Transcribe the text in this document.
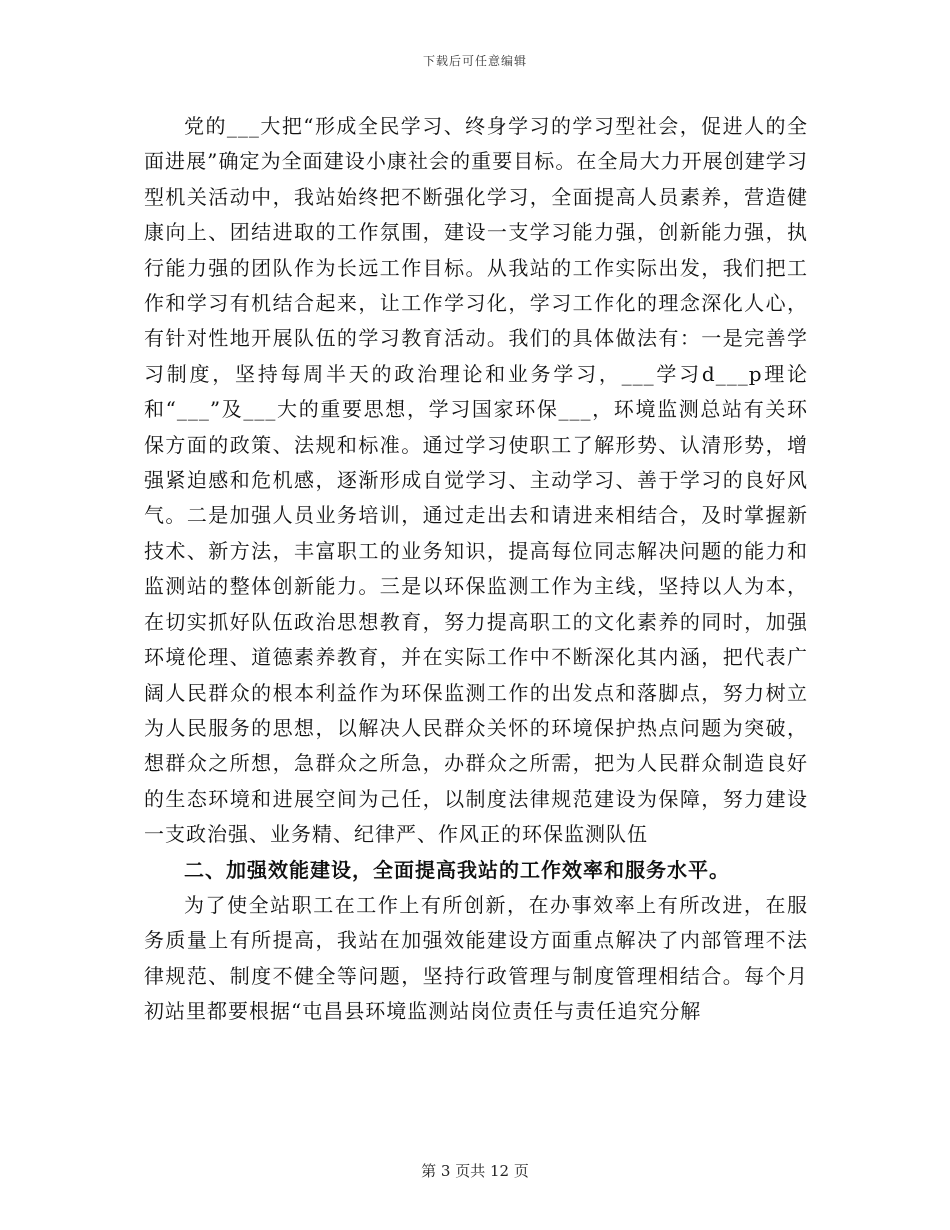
下载后可任意编辑

党的___大把“形成全民学习、终身学习的学习型社会，促进人的全面进展”确定为全面建设小康社会的重要目标。在全局大力开展创建学习型机关活动中，我站始终把不断强化学习，全面提高人员素养，营造健康向上、团结进取的工作氛围，建设一支学习能力强，创新能力强，执行能力强的团队作为长远工作目标。从我站的工作实际出发，我们把工作和学习有机结合起来，让工作学习化，学习工作化的理念深化人心，有针对性地开展队伍的学习教育活动。我们的具体做法有：一是完善学习制度，坚持每周半天的政治理论和业务学习，___学习d___p理论和“___”及___大的重要思想，学习国家环保___，环境监测总站有关环保方面的政策、法规和标准。通过学习使职工了解形势、认清形势，增强紧迫感和危机感，逐渐形成自觉学习、主动学习、善于学习的良好风气。二是加强人员业务培训，通过走出去和请进来相结合，及时掌握新技术、新方法，丰富职工的业务知识，提高每位同志解决问题的能力和监测站的整体创新能力。三是以环保监测工作为主线，坚持以人为本，在切实抓好队伍政治思想教育，努力提高职工的文化素养的同时，加强环境伦理、道德素养教育，并在实际工作中不断深化其内涵，把代表广阔人民群众的根本利益作为环保监测工作的出发点和落脚点，努力树立为人民服务的思想，以解决人民群众关怀的环境保护热点问题为突破，想群众之所想，急群众之所急，办群众之所需，把为人民群众制造良好的生态环境和进展空间为己任，以制度法律规范建设为保障，努力建设一支政治强、业务精、纪律严、作风正的环保监测队伍

二、加强效能建设，全面提高我站的工作效率和服务水平。

为了使全站职工在工作上有所创新，在办事效率上有所改进，在服务质量上有所提高，我站在加强效能建设方面重点解决了内部管理不法律规范、制度不健全等问题，坚持行政管理与制度管理相结合。每个月初站里都要根据“屯昌县环境监测站岗位责任与责任追究分解

第 3 页共 12 页
